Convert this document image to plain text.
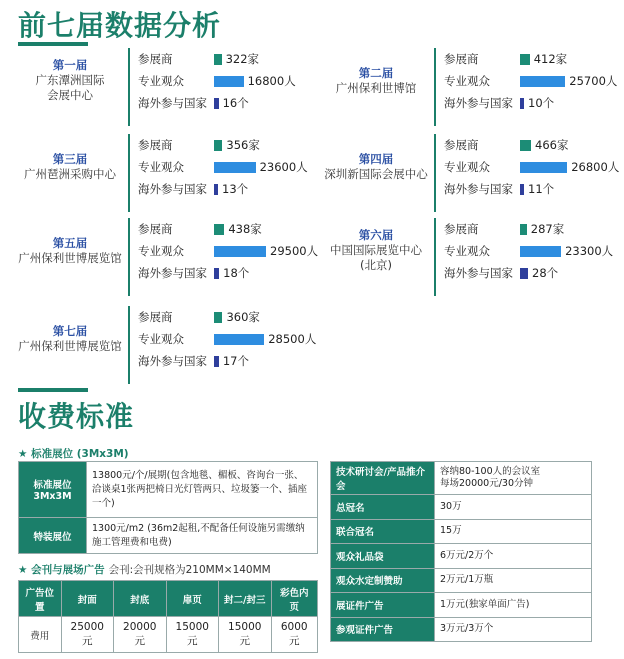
前七届数据分析
第一届
广东潭洲国际
会展中心
参展商	322家
专业观众	16800人
海外参与国家	16个
第二届
广州保利世博馆
参展商	412家
专业观众	25700人
海外参与国家	10个
第三届
广州琶洲采购中心
参展商	356家
专业观众	23600人
海外参与国家	13个
第四届
深圳新国际会展中心
参展商	466家
专业观众	26800人
海外参与国家	11个
第五届
广州保利世博展览馆
参展商	438家
专业观众	29500人
海外参与国家	18个
第六届
中国国际展览中心
(北京)
参展商	287家
专业观众	23300人
海外参与国家	28个
第七届
广州保利世博展览馆
参展商	360家
专业观众	28500人
海外参与国家	17个
收费标准
★ 标准展位 (3Mx3M)
标准展位
3Mx3M	13800元/个/展期(包含地毯、楣板、咨询台一张、洽谈桌1张两把椅日光灯管两只、垃圾篓一个、插座一个)
特装展位	1300元/m2 (36m2起租,不配备任何设施另需缴纳施工管理费和电费)
★ 会刊与展场广告 会刊:会刊规格为210MM×140MM
广告位置	封面	封底	扉页	封二/封三	彩色内页
费用	25000元	20000元	15000元	15000元	6000元
技术研讨会/产品推介会	容纳80-100人的会议室
每场20000元/30分钟
总冠名	30万
联合冠名	15万
观众礼品袋	6万元/2万个
观众水定制赞助	2万元/1万瓶
展证件广告	1万元(独家单面广告)
参观证件广告	3万元/3万个
